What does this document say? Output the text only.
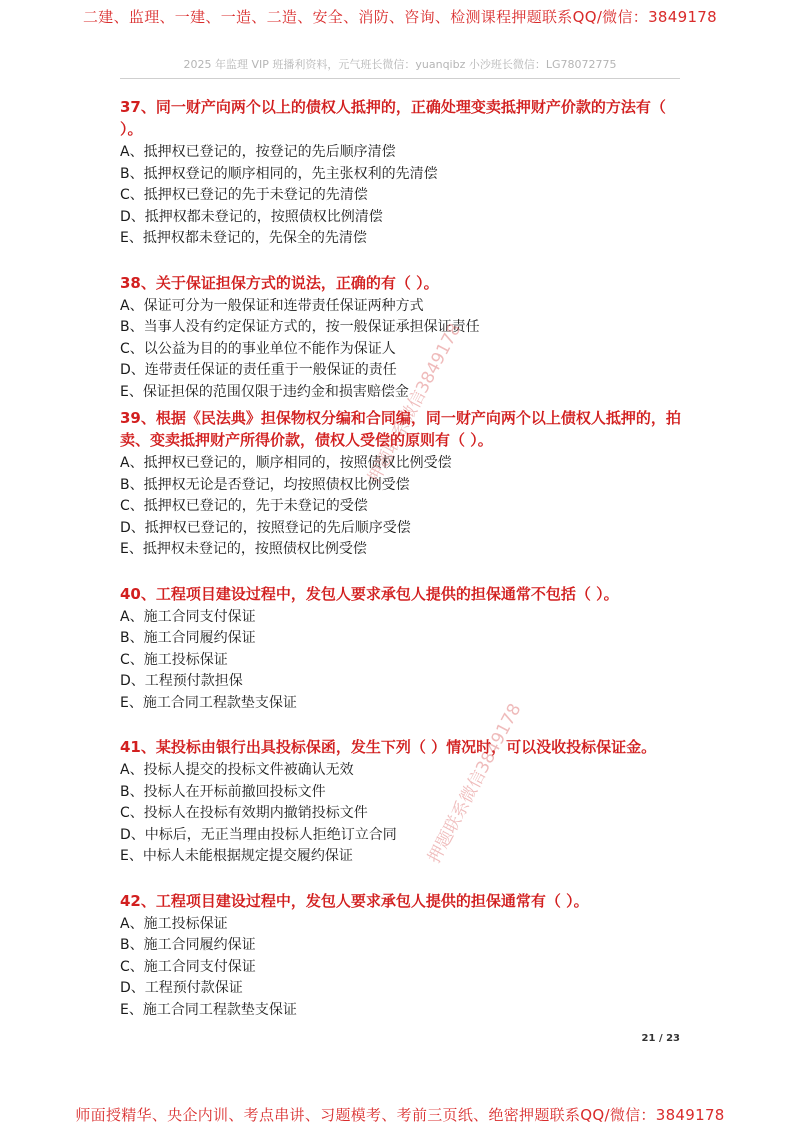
二建、监理、一建、一造、二造、安全、消防、咨询、检测课程押题联系QQ/微信：3849178
2025 年监理 VIP 班播利资料，元气班长微信：yuanqibz 小沙班长微信：LG78072775
37、同一财产向两个以上的债权人抵押的，正确处理变卖抵押财产价款的方法有（ ）。
A、抵押权已登记的，按登记的先后顺序清偿
B、抵押权登记的顺序相同的，先主张权利的先清偿
C、抵押权已登记的先于未登记的先清偿
D、抵押权都未登记的，按照债权比例清偿
E、抵押权都未登记的，先保全的先清偿
38、关于保证担保方式的说法，正确的有（ ）。
A、保证可分为一般保证和连带责任保证两种方式
B、当事人没有约定保证方式的，按一般保证承担保证责任
C、以公益为目的的事业单位不能作为保证人
D、连带责任保证的责任重于一般保证的责任
E、保证担保的范围仅限于违约金和损害赔偿金
39、根据《民法典》担保物权分编和合同编，同一财产向两个以上债权人抵押的，拍卖、变卖抵押财产所得价款，债权人受偿的原则有（ ）。
A、抵押权已登记的，顺序相同的，按照债权比例受偿
B、抵押权无论是否登记，均按照债权比例受偿
C、抵押权已登记的，先于未登记的受偿
D、抵押权已登记的，按照登记的先后顺序受偿
E、抵押权未登记的，按照债权比例受偿
40、工程项目建设过程中，发包人要求承包人提供的担保通常不包括（ ）。
A、施工合同支付保证
B、施工合同履约保证
C、施工投标保证
D、工程预付款担保
E、施工合同工程款垫支保证
41、某投标由银行出具投标保函，发生下列（ ）情况时，可以没收投标保证金。
A、投标人提交的投标文件被确认无效
B、投标人在开标前撤回投标文件
C、投标人在投标有效期内撤销投标文件
D、中标后，无正当理由投标人拒绝订立合同
E、中标人未能根据规定提交履约保证
42、工程项目建设过程中，发包人要求承包人提供的担保通常有（ ）。
A、施工投标保证
B、施工合同履约保证
C、施工合同支付保证
D、工程预付款保证
E、施工合同工程款垫支保证
押题联系微信3849178
押题联系微信3849178
21 / 23
师面授精华、央企内训、考点串讲、习题模考、考前三页纸、绝密押题联系QQ/微信：3849178
